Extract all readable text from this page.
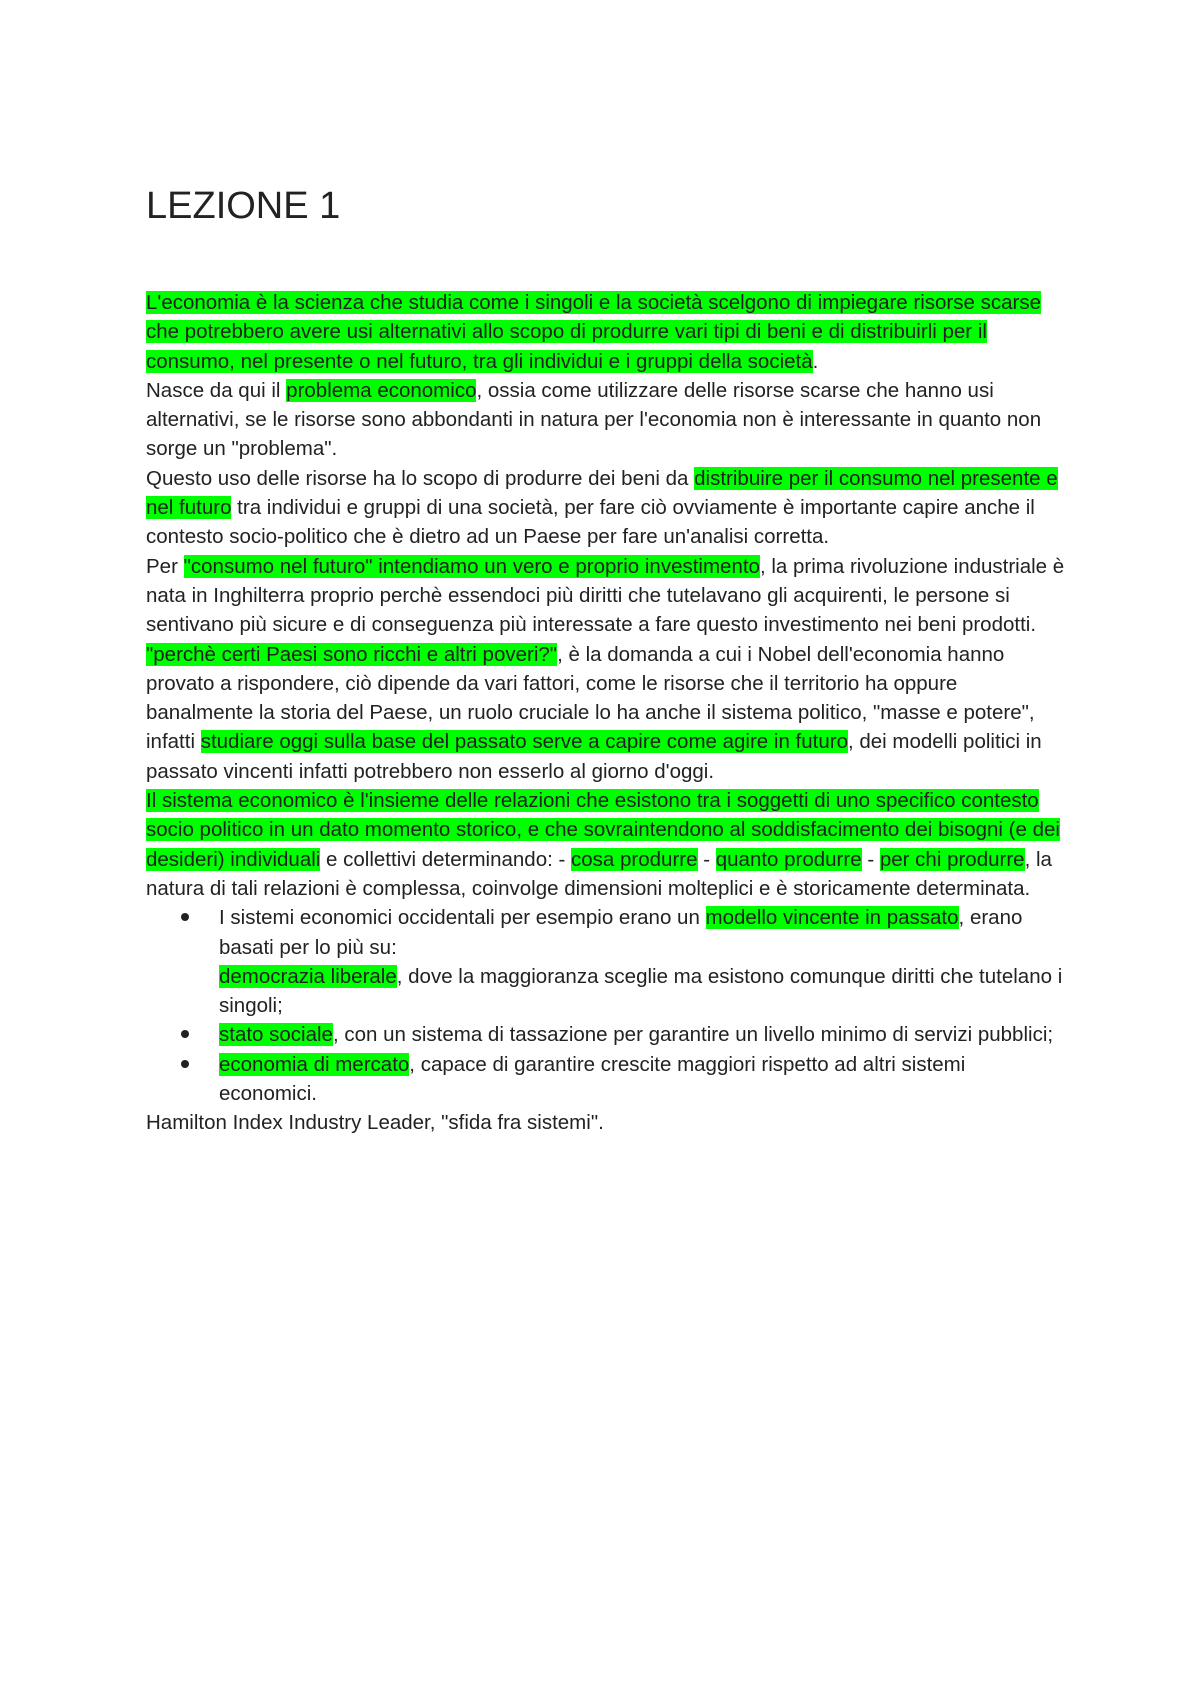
LEZIONE 1

L'economia è la scienza che studia come i singoli e la società scelgono di impiegare risorse scarse che potrebbero avere usi alternativi allo scopo di produrre vari tipi di beni e di distribuirli per il consumo, nel presente o nel futuro, tra gli individui e i gruppi della società.

Nasce da qui il problema economico, ossia come utilizzare delle risorse scarse che hanno usi alternativi, se le risorse sono abbondanti in natura per l'economia non è interessante in quanto non sorge un "problema".

Questo uso delle risorse ha lo scopo di produrre dei beni da distribuire per il consumo nel presente e nel futuro tra individui e gruppi di una società, per fare ciò ovviamente è importante capire anche il contesto socio-politico che è dietro ad un Paese per fare un'analisi corretta.

Per "consumo nel futuro" intendiamo un vero e proprio investimento, la prima rivoluzione industriale è nata in Inghilterra proprio perchè essendoci più diritti che tutelavano gli acquirenti, le persone si sentivano più sicure e di conseguenza più interessate a fare questo investimento nei beni prodotti.

"perchè certi Paesi sono ricchi e altri poveri?", è la domanda a cui i Nobel dell'economia hanno provato a rispondere, ciò dipende da vari fattori, come le risorse che il territorio ha oppure banalmente la storia del Paese, un ruolo cruciale lo ha anche il sistema politico, "masse e potere", infatti studiare oggi sulla base del passato serve a capire come agire in futuro, dei modelli politici in passato vincenti infatti potrebbero non esserlo al giorno d'oggi.

Il sistema economico è l'insieme delle relazioni che esistono tra i soggetti di uno specifico contesto socio politico in un dato momento storico, e che sovraintendono al soddisfacimento dei bisogni (e dei desideri) individuali e collettivi determinando: - cosa produrre - quanto produrre - per chi produrre, la natura di tali relazioni è complessa, coinvolge dimensioni molteplici e è storicamente determinata.

I sistemi economici occidentali per esempio erano un modello vincente in passato, erano basati per lo più su:
democrazia liberale, dove la maggioranza sceglie ma esistono comunque diritti che tutelano i singoli;
stato sociale, con un sistema di tassazione per garantire un livello minimo di servizi pubblici;
economia di mercato, capace di garantire crescite maggiori rispetto ad altri sistemi economici.

Hamilton Index Industry Leader, "sfida fra sistemi".
